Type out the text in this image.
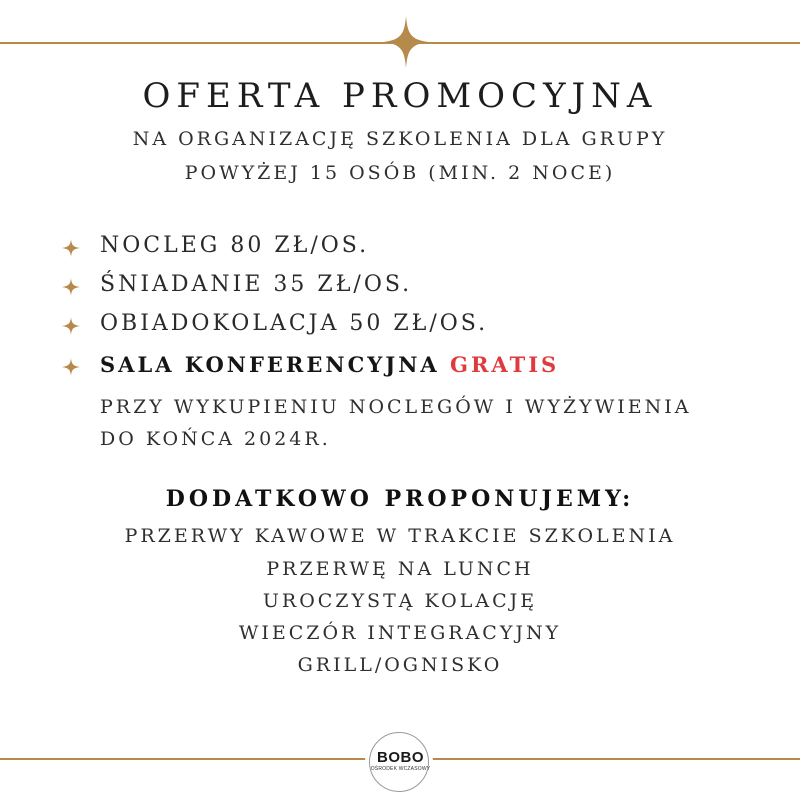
OFERTA PROMOCYJNA
NA ORGANIZACJĘ SZKOLENIA DLA GRUPY
POWYŻEJ 15 OSÓB (MIN. 2 NOCE)
NOCLEG 80 ZŁ/OS.
ŚNIADANIE 35 ZŁ/OS.
OBIADOKOLACJA 50 ZŁ/OS.
SALA KONFERENCYJNA GRATIS
PRZY WYKUPIENIU NOCLEGÓW I WYŻYWIENIA
DO KOŃCA 2024R.
DODATKOWO PROPONUJEMY:
PRZERWY KAWOWE W TRAKCIE SZKOLENIA
PRZERWĘ NA LUNCH
UROCZYSTĄ KOLACJĘ
WIECZÓR INTEGRACYJNY
GRILL/OGNISKO
BOBO
OŚRODEK WCZASOWY
